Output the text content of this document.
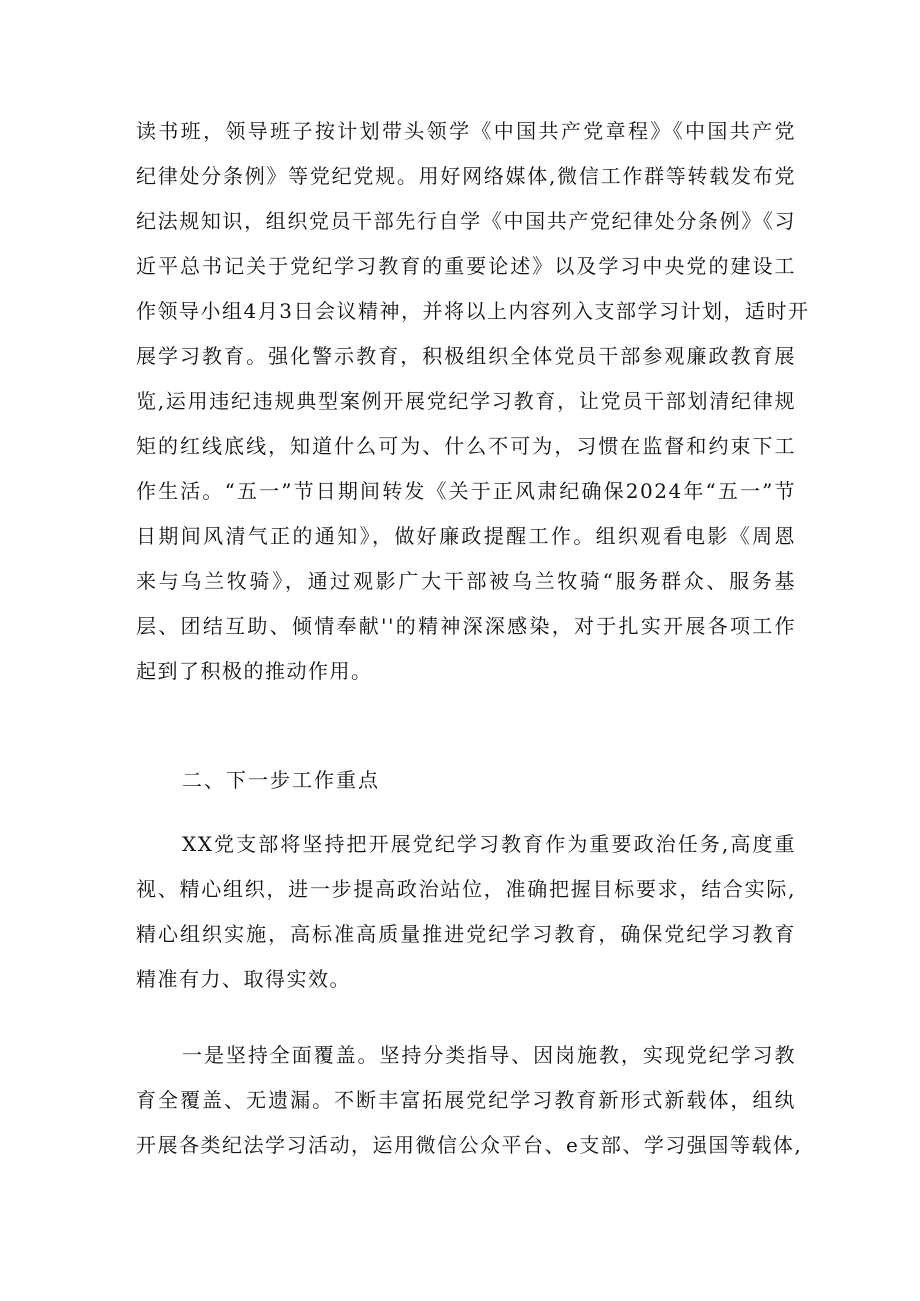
读书班，领导班子按计划带头领学《中国共产党章程》《中国共产党
纪律处分条例》等党纪党规。用好网络媒体,微信工作群等转载发布党
纪法规知识，组织党员干部先行自学《中国共产党纪律处分条例》《习
近平总书记关于党纪学习教育的重要论述》以及学习中央党的建设工
作领导小组4月3日会议精神，并将以上内容列入支部学习计划，适时开
展学习教育。强化警示教育，积极组织全体党员干部参观廉政教育展
览,运用违纪违规典型案例开展党纪学习教育，让党员干部划清纪律规
矩的红线底线，知道什么可为、什么不可为，习惯在监督和约束下工
作生活。“五一”节日期间转发《关于正风肃纪确保2024年“五一”节
日期间风清气正的通知》，做好廉政提醒工作。组织观看电影《周恩
来与乌兰牧骑》，通过观影广大干部被乌兰牧骑“服务群众、服务基
层、团结互助、倾情奉献''的精神深深感染，对于扎实开展各项工作
起到了积极的推动作用。
二、下一步工作重点
XX党支部将坚持把开展党纪学习教育作为重要政治任务,高度重
视、精心组织，进一步提高政治站位，准确把握目标要求，结合实际,
精心组织实施，高标准高质量推进党纪学习教育，确保党纪学习教育
精准有力、取得实效。
一是坚持全面覆盖。坚持分类指导、因岗施教，实现党纪学习教
育全覆盖、无遗漏。不断丰富拓展党纪学习教育新形式新载体，组纨
开展各类纪法学习活动，运用微信公众平台、e支部、学习强国等载体,
